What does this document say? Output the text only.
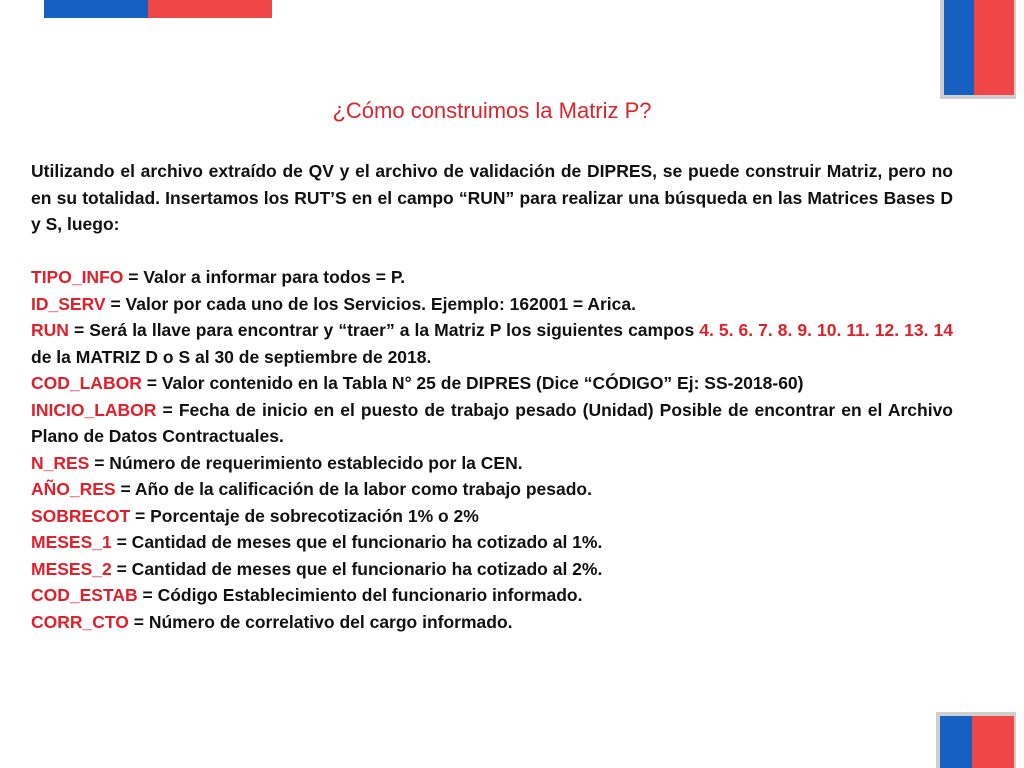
¿Cómo construimos la Matriz P?

Utilizando el archivo extraído de QV y el archivo de validación de DIPRES, se puede construir Matriz, pero no en su totalidad. Insertamos los RUT’S en el campo “RUN” para realizar una búsqueda en las Matrices Bases D y S, luego:

TIPO_INFO = Valor a informar para todos = P.
ID_SERV = Valor por cada uno de los Servicios. Ejemplo: 162001 = Arica.
RUN = Será la llave para encontrar y “traer” a la Matriz P los siguientes campos 4. 5. 6. 7. 8. 9. 10. 11. 12. 13. 14 de la MATRIZ D o S al 30 de septiembre de 2018.
COD_LABOR = Valor contenido en la Tabla N° 25 de DIPRES (Dice “CÓDIGO” Ej: SS-2018-60)
INICIO_LABOR = Fecha de inicio en el puesto de trabajo pesado (Unidad) Posible de encontrar en el Archivo Plano de Datos Contractuales.
N_RES = Número de requerimiento establecido por la CEN.
AÑO_RES = Año de la calificación de la labor como trabajo pesado.
SOBRECOT = Porcentaje de sobrecotización 1% o 2%
MESES_1 = Cantidad de meses que el funcionario ha cotizado al 1%.
MESES_2 = Cantidad de meses que el funcionario ha cotizado al 2%.
COD_ESTAB = Código Establecimiento del funcionario informado.
CORR_CTO = Número de correlativo del cargo informado.
